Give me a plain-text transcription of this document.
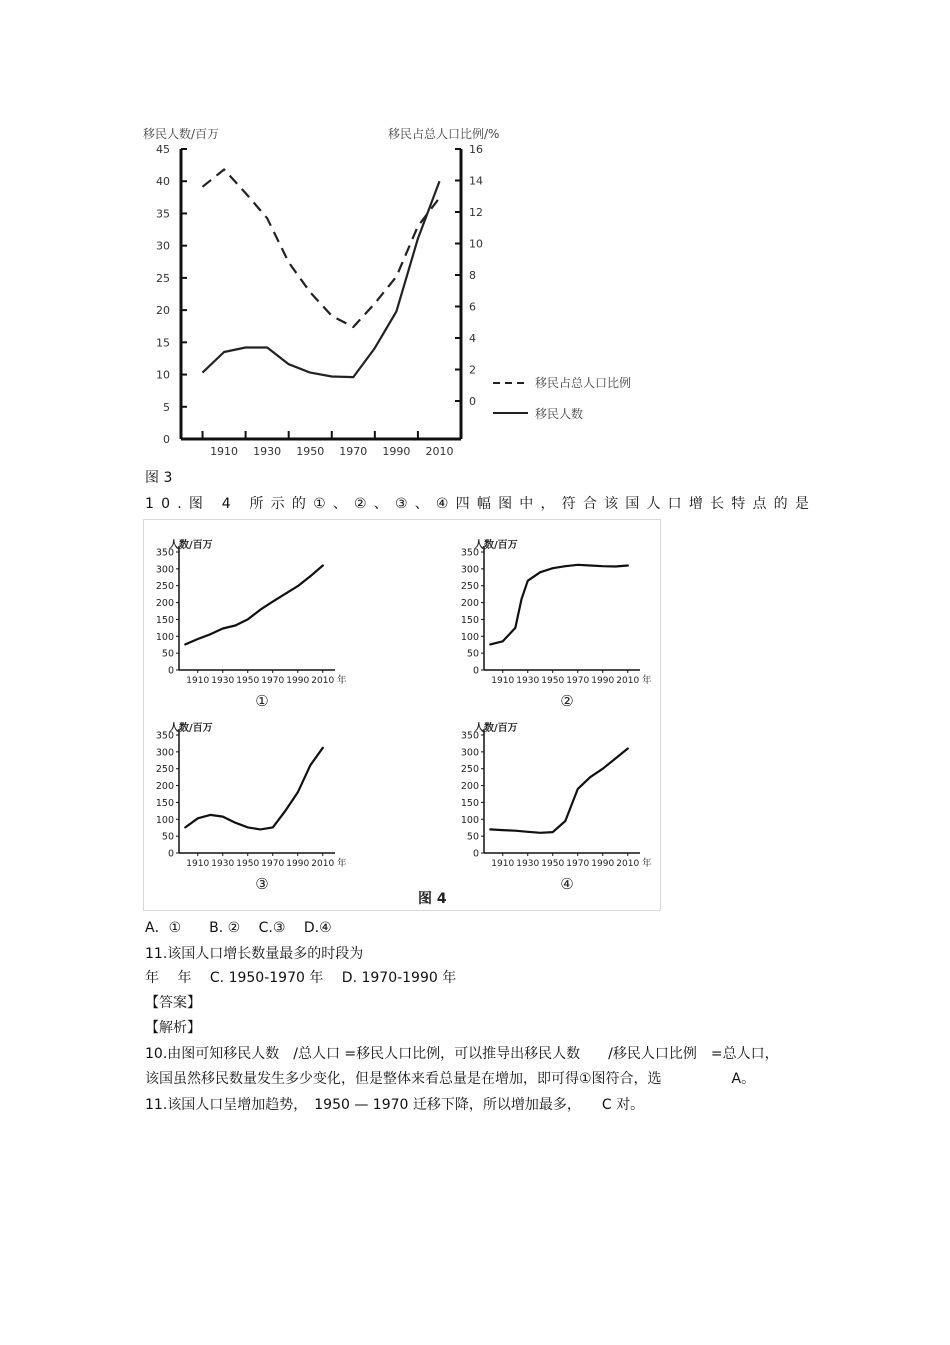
移民人数/百万	移民占总人口比例/%
0
5
10
15
20
25
30
35
40
45
0
2
4
6
8
10
12
14
16
1910 1930 1950 1970 1990 2010
移民占总人口比例
移民人数
图 3
10.图 4 所示的①、②、③、④四幅图中，符合该国人口增长特点的是
人数/百万
0
50
100
150
200
250
300
350
1910 1930 1950 1970 1990 2010 年
①
人数/百万
0
50
100
150
200
250
300
350
1910 1930 1950 1970 1990 2010 年
②
人数/百万
0
50
100
150
200
250
300
350
1910 1930 1950 1970 1990 2010 年
③
人数/百万
0
50
100
150
200
250
300
350
1910 1930 1950 1970 1990 2010 年
④
图 4
A．①　　B. ②　 C.③　 D.④
11.该国人口增长数量最多的时段为
年　 年　 C. 1950-1970 年　 D. 1970-1990 年
【答案】
【解析】
10.由图可知移民人数　/总人口 =移民人口比例，可以推导出移民人数　　/移民人口比例　=总人口，
该国虽然移民数量发生多少变化，但是整体来看总量是在增加，即可得①图符合，选　　　　　A。
11.该国人口呈增加趋势，　1950 — 1970 迁移下降，所以增加最多，　　C 对。
